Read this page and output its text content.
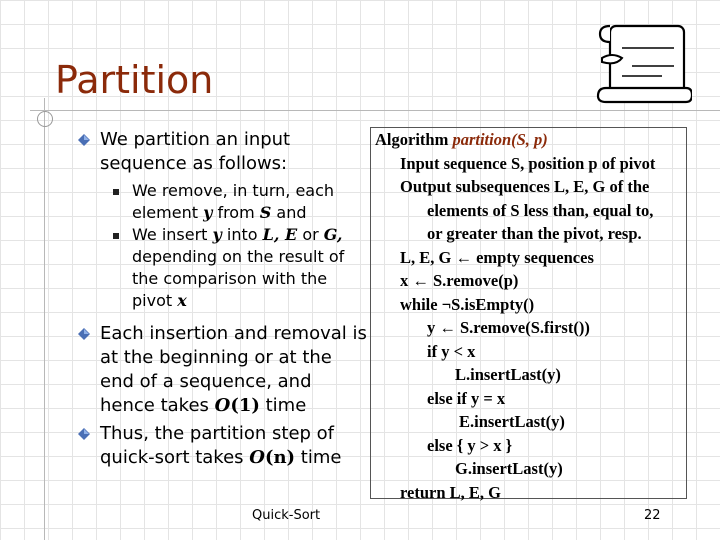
Partition
We partition an input sequence as follows:
We remove, in turn, each element y from S and
We insert y into L, E or G, depending on the result of the comparison with the pivot x
Each insertion and removal is at the beginning or at the end of a sequence, and hence takes O(1) time
Thus, the partition step of quick-sort takes O(n) time
Algorithm partition(S, p)
Input sequence S, position p of pivot
Output subsequences L, E, G of the
elements of S less than, equal to,
or greater than the pivot, resp.
L, E, G ← empty sequences
x ← S.remove(p)
while ¬S.isEmpty()
y ← S.remove(S.first())
if y < x
L.insertLast(y)
else if y = x
E.insertLast(y)
else { y > x }
G.insertLast(y)
return L, E, G
Quick-Sort	22
